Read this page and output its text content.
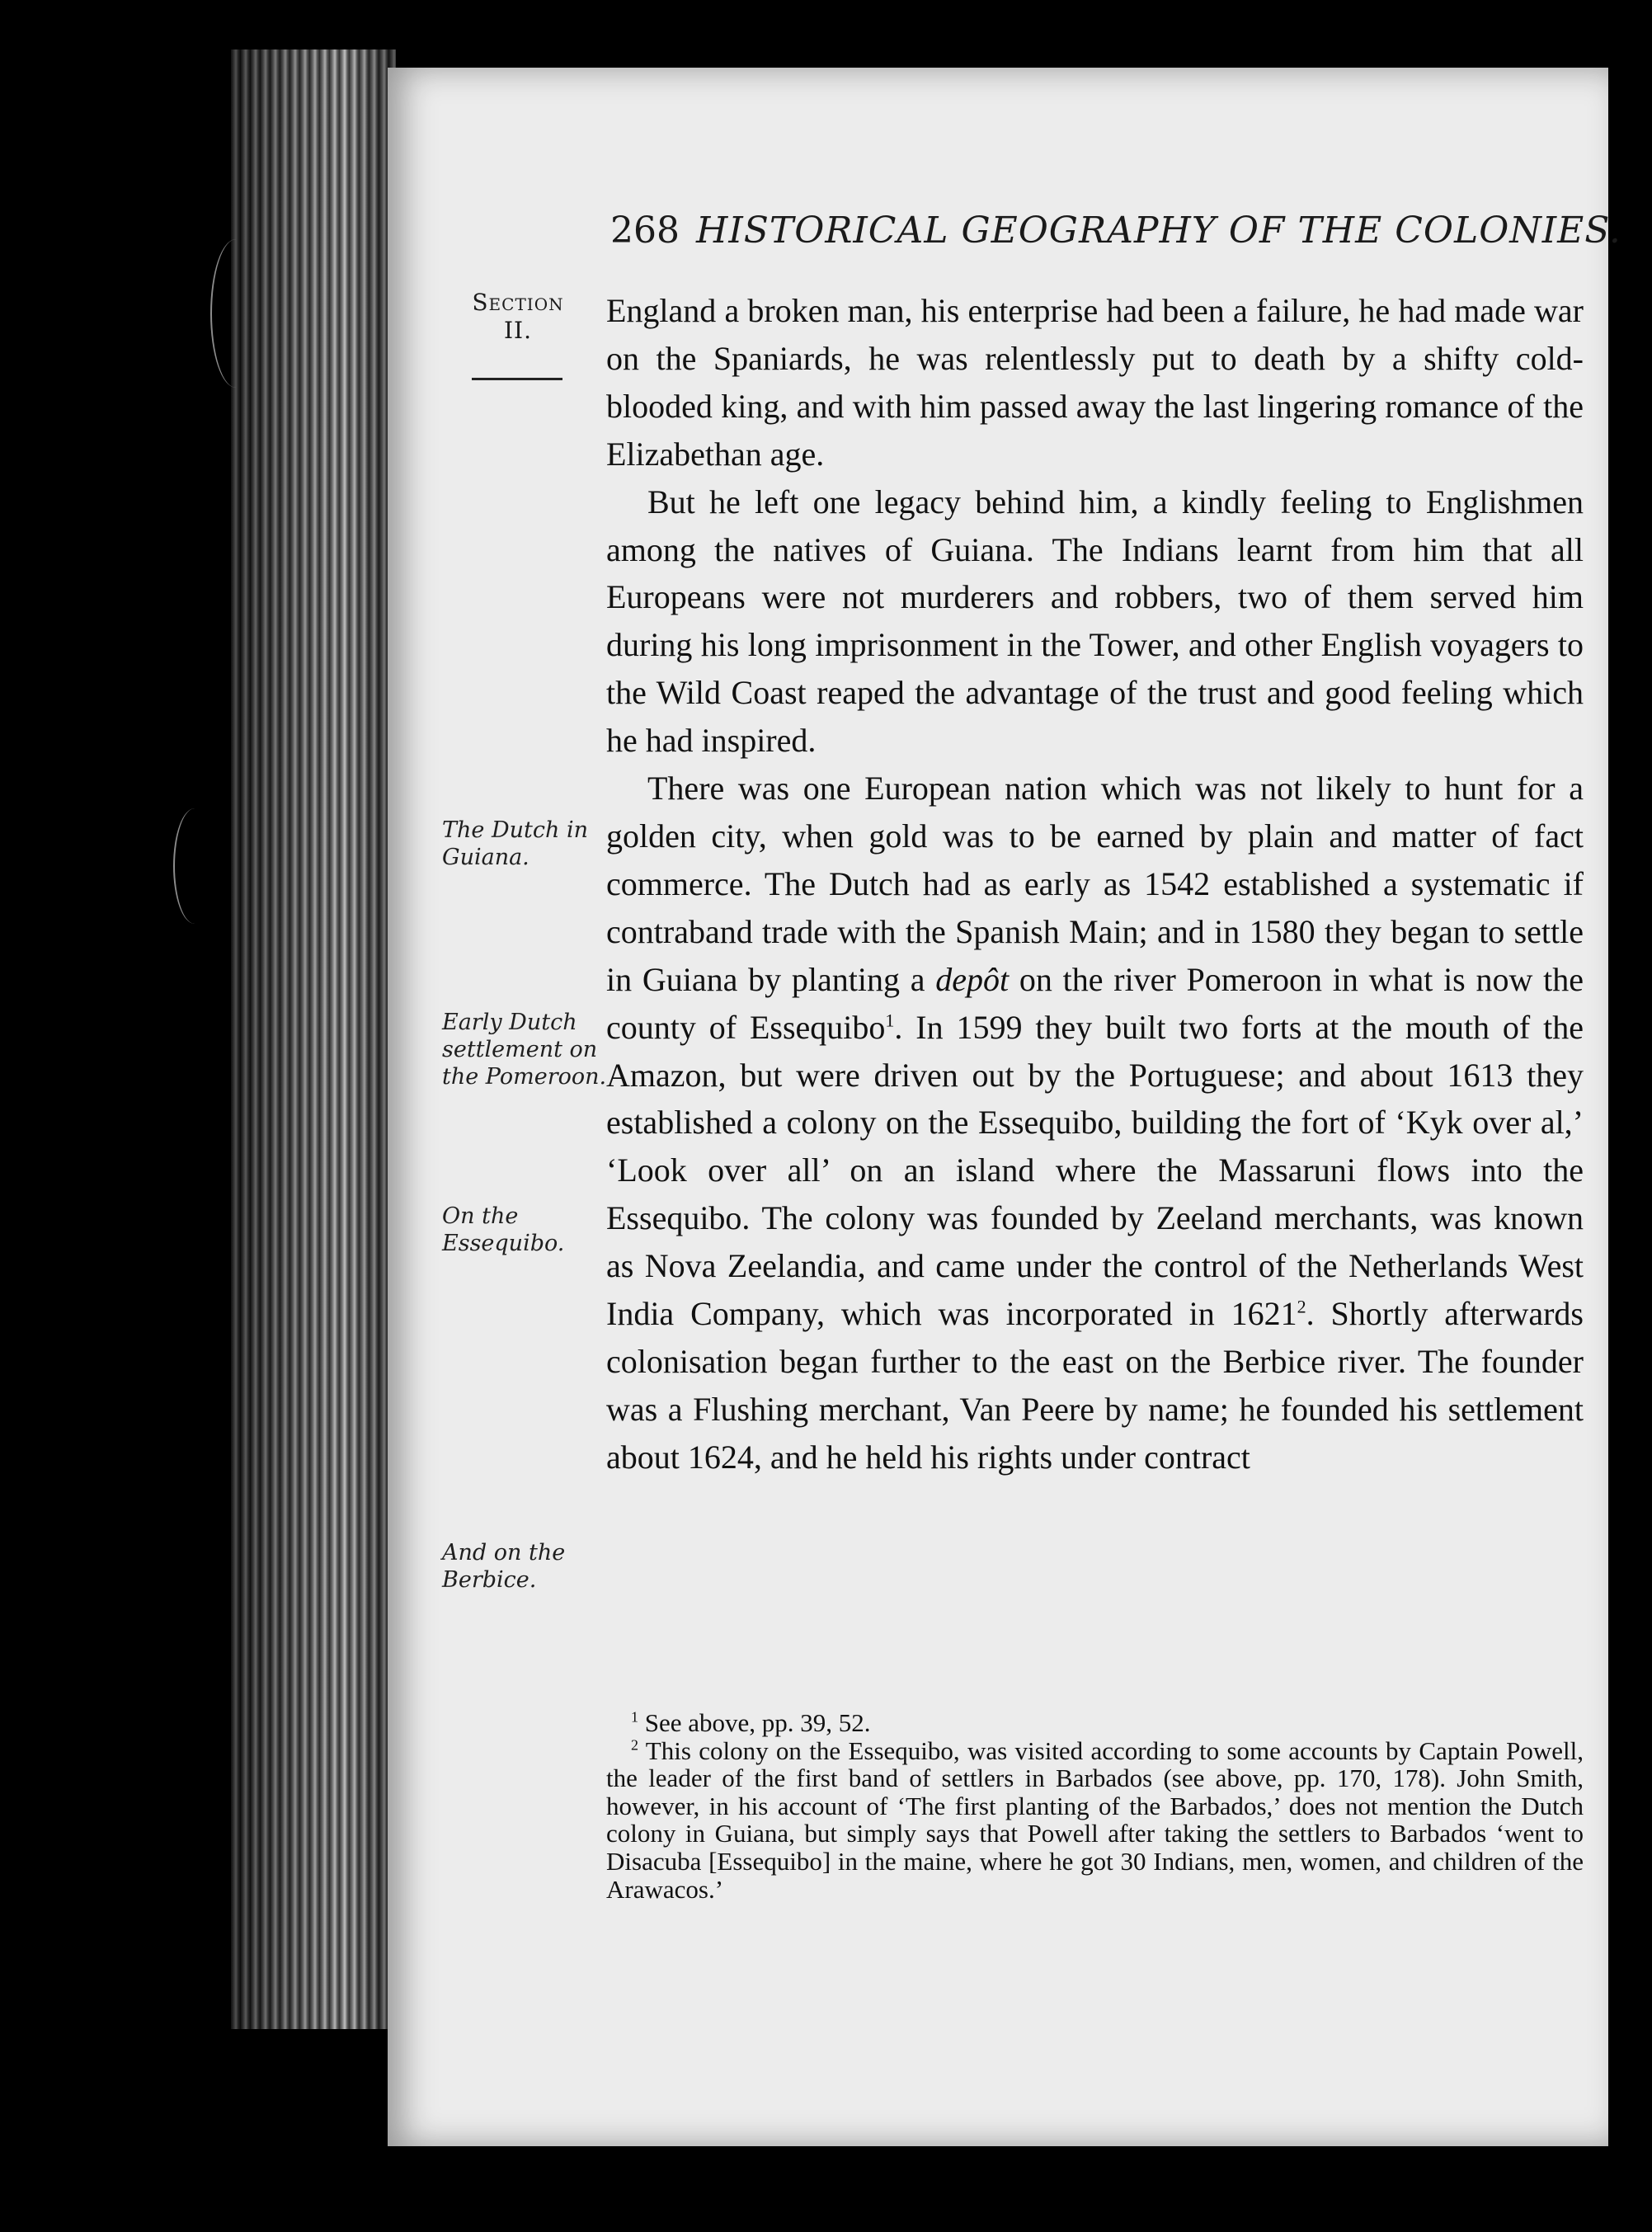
268 HISTORICAL GEOGRAPHY OF THE COLONIES.
Section
II.
The Dutch in Guiana.
Early Dutch settlement on the Pomeroon.
On the Essequibo.
And on the Berbice.

England a broken man, his enterprise had been a failure, he had made war on the Spaniards, he was relentlessly put to death by a shifty cold-blooded king, and with him passed away the last lingering romance of the Elizabethan age.

But he left one legacy behind him, a kindly feeling to Englishmen among the natives of Guiana. The Indians learnt from him that all Europeans were not murderers and robbers, two of them served him during his long imprisonment in the Tower, and other English voyagers to the Wild Coast reaped the advantage of the trust and good feeling which he had inspired.

There was one European nation which was not likely to hunt for a golden city, when gold was to be earned by plain and matter of fact commerce. The Dutch had as early as 1542 established a systematic if contraband trade with the Spanish Main; and in 1580 they began to settle in Guiana by planting a depôt on the river Pomeroon in what is now the county of Essequibo$^1$. In 1599 they built two forts at the mouth of the Amazon, but were driven out by the Portuguese; and about 1613 they established a colony on the Essequibo, building the fort of ‘Kyk over al,’ ‘Look over all’ on an island where the Massaruni flows into the Essequibo. The colony was founded by Zeeland merchants, was known as Nova Zeelandia, and came under the control of the Netherlands West India Company, which was incorporated in 1621$^2$. Shortly afterwards colonisation began further to the east on the Berbice river. The founder was a Flushing merchant, Van Peere by name; he founded his settlement about 1624, and he held his rights under contract

$^1$ See above, pp. 39, 52.

$^2$ This colony on the Essequibo, was visited according to some accounts by Captain Powell, the leader of the first band of settlers in Barbados (see above, pp. 170, 178). John Smith, however, in his account of ‘The first planting of the Barbados,’ does not mention the Dutch colony in Guiana, but simply says that Powell after taking the settlers to Barbados ‘went to Disacuba [Essequibo] in the maine, where he got 30 Indians, men, women, and children of the Arawacos.’
